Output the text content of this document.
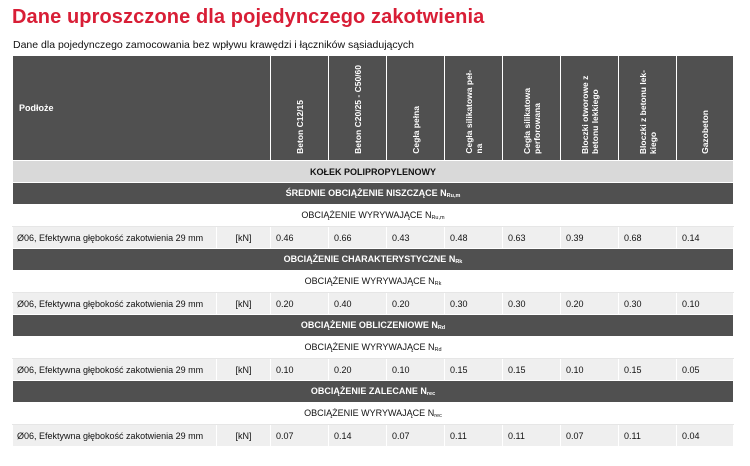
Dane uproszczone dla pojedynczego zakotwienia
Dane dla pojedynczego zamocowania bez wpływu krawędzi i łączników sąsiadujących
Podłoże		Beton C12/15	Beton C20/25 - C50/60	Cegła pełna	Cegła silikatowa peł-
na	Cegła silikatowa perforowana	Bloczki otworowe z betonu lekkiego	Bloczki z betonu lek-
kiego	Gazobeton
KOŁEK POLIPROPYLENOWY									
ŚREDNIE OBCIĄŻENIE NISZCZĄCE $N_{Ru,m}$
OBCIĄŻENIE WYRYWAJĄCE $N_{Ru,m}$
Ø06, Efektywna głębokość zakotwienia 29 mm	[kN]	0.46	0.66	0.43	0.48	0.63	0.39	0.68	0.14
OBCIĄŻENIE CHARAKTERYSTYCZNE $N_{Rk}$
OBCIĄŻENIE WYRYWAJĄCE $N_{Rk}$
Ø06, Efektywna głębokość zakotwienia 29 mm	[kN]	0.20	0.40	0.20	0.30	0.30	0.20	0.30	0.10
OBCIĄŻENIE OBLICZENIOWE $N_{Rd}$
OBCIĄŻENIE WYRYWAJĄCE $N_{Rd}$
Ø06, Efektywna głębokość zakotwienia 29 mm	[kN]	0.10	0.20	0.10	0.15	0.15	0.10	0.15	0.05
OBCIĄŻENIE ZALECANE $N_{rec}$
OBCIĄŻENIE WYRYWAJĄCE $N_{rec}$
Ø06, Efektywna głębokość zakotwienia 29 mm	[kN]	0.07	0.14	0.07	0.11	0.11	0.07	0.11	0.04
